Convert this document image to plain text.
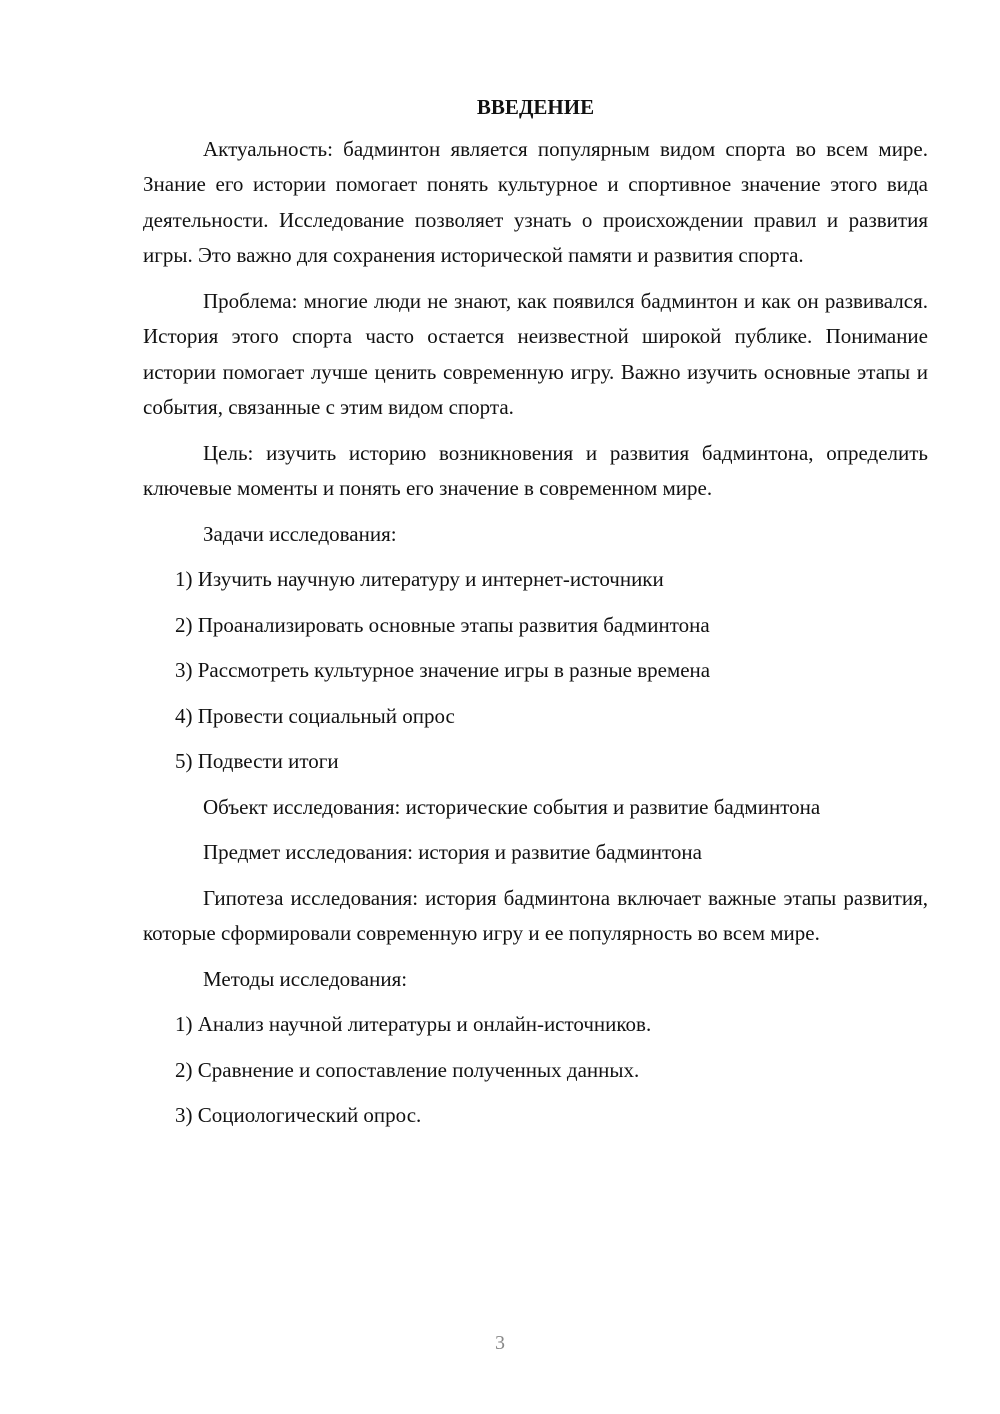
ВВЕДЕНИЕ

Актуальность: бадминтон является популярным видом спорта во всем мире. Знание его истории помогает понять культурное и спортивное значение этого вида деятельности. Исследование позволяет узнать о происхождении правил и развития игры. Это важно для сохранения исторической памяти и развития спорта.

Проблема: многие люди не знают, как появился бадминтон и как он развивался. История этого спорта часто остается неизвестной широкой публике. Понимание истории помогает лучше ценить современную игру. Важно изучить основные этапы и события, связанные с этим видом спорта.

Цель: изучить историю возникновения и развития бадминтона, определить ключевые моменты и понять его значение в современном мире.

Задачи исследования:

1) Изучить научную литературу и интернет-источники

2) Проанализировать основные этапы развития бадминтона

3) Рассмотреть культурное значение игры в разные времена

4) Провести социальный опрос

5) Подвести итоги

Объект исследования: исторические события и развитие бадминтона

Предмет исследования: история и развитие бадминтона

Гипотеза исследования: история бадминтона включает важные этапы развития, которые сформировали современную игру и ее популярность во всем мире.

Методы исследования:

1) Анализ научной литературы и онлайн-источников.

2) Сравнение и сопоставление полученных данных.

3) Социологический опрос.

3
